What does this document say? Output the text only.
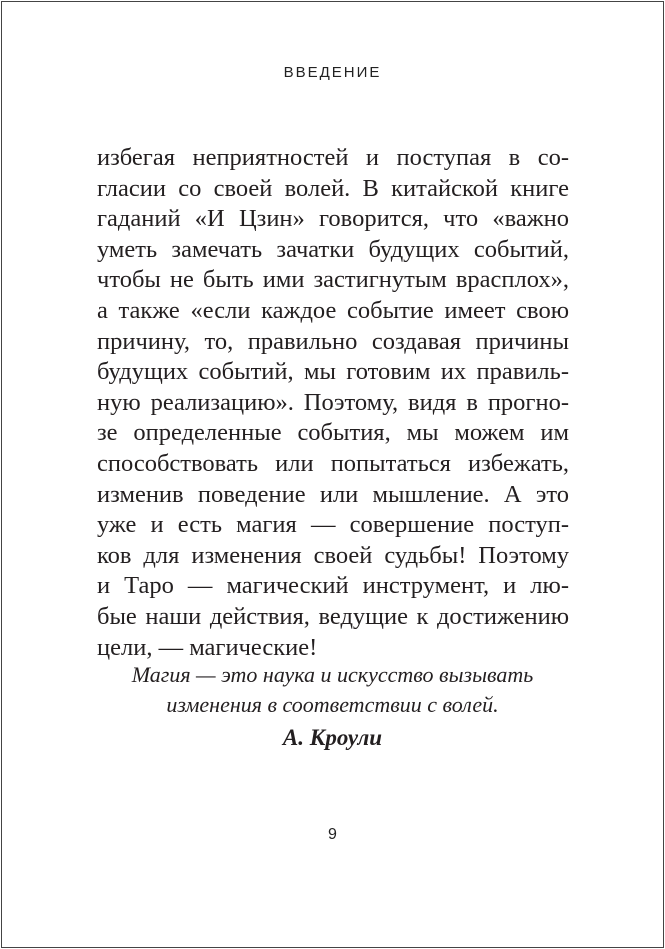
ВВЕДЕНИЕ
избегая неприятностей и поступая в со-
гласии со своей волей. В китайской книге
гаданий «И Цзин» говорится, что «важно
уметь замечать зачатки будущих событий,
чтобы не быть ими застигнутым врасплох»,
а также «если каждое событие имеет свою
причину, то, правильно создавая причины
будущих событий, мы готовим их правиль-
ную реализацию». Поэтому, видя в прогно-
зе определенные события, мы можем им
способствовать или попытаться избежать,
изменив поведение или мышление. А это
уже и есть магия — совершение поступ-
ков для изменения своей судьбы! Поэтому
и Таро — магический инструмент, и лю-
бые наши действия, ведущие к достижению
цели, — магические!
Магия — это наука и искусство вызывать
изменения в соответствии с волей.
А. Кроули
9
